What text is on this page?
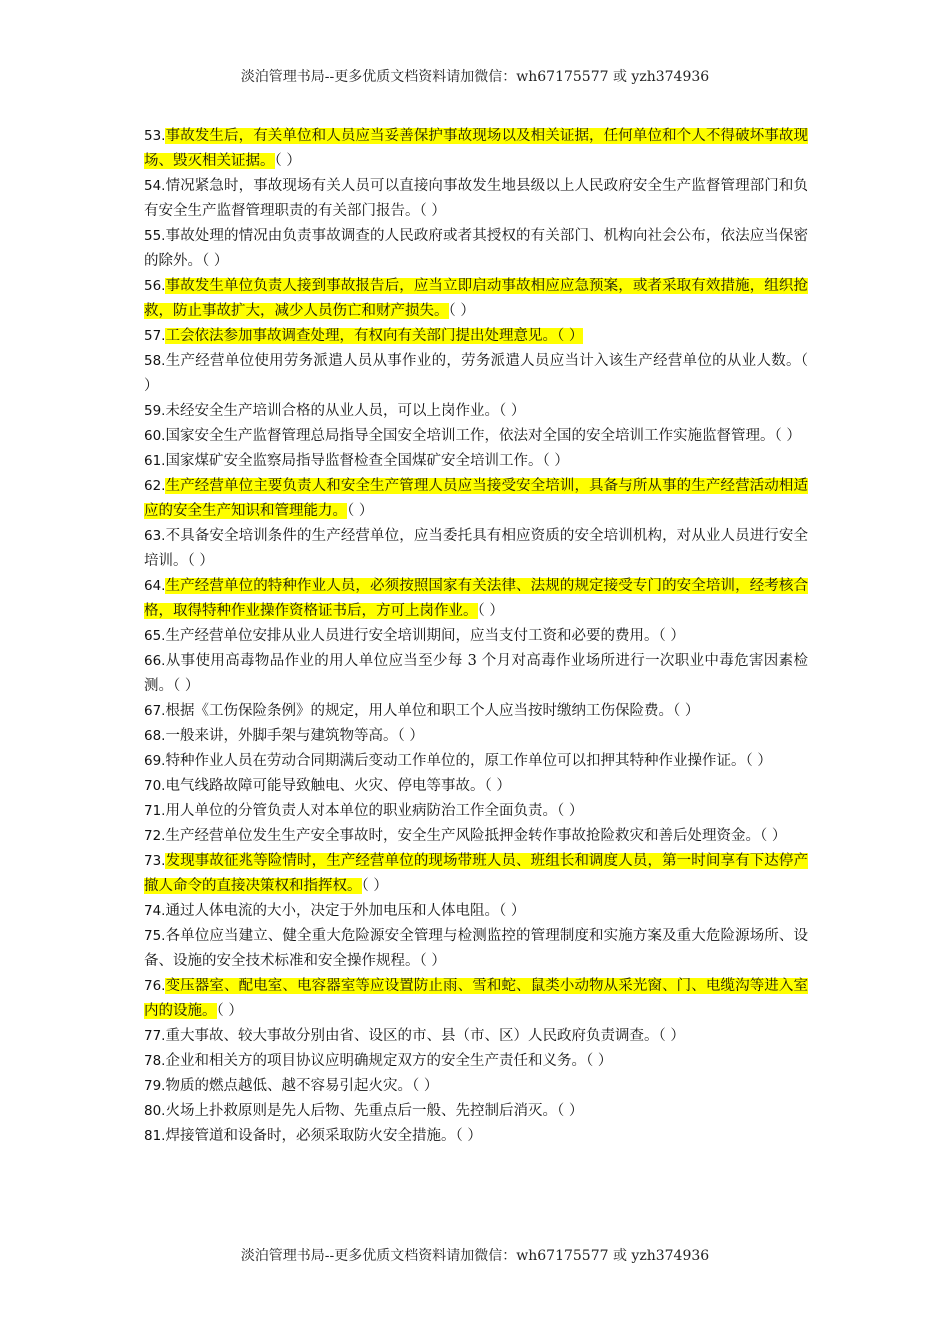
淡泊管理书局--更多优质文档资料请加微信：wh67175577 或 yzh374936

53.事故发生后，有关单位和人员应当妥善保护事故现场以及相关证据，任何单位和个人不得破坏事故现场、毁灭相关证据。（ ）

54.情况紧急时，事故现场有关人员可以直接向事故发生地县级以上人民政府安全生产监督管理部门和负有安全生产监督管理职责的有关部门报告。（ ）

55.事故处理的情况由负责事故调查的人民政府或者其授权的有关部门、机构向社会公布，依法应当保密的除外。（ ）

56.事故发生单位负责人接到事故报告后，应当立即启动事故相应应急预案，或者采取有效措施，组织抢救，防止事故扩大，减少人员伤亡和财产损失。（ ）

57.工会依法参加事故调查处理，有权向有关部门提出处理意见。（ ）

58.生产经营单位使用劳务派遣人员从事作业的，劳务派遣人员应当计入该生产经营单位的从业人数。（ ）

59.未经安全生产培训合格的从业人员，可以上岗作业。（ ）

60.国家安全生产监督管理总局指导全国安全培训工作，依法对全国的安全培训工作实施监督管理。（ ）

61.国家煤矿安全监察局指导监督检查全国煤矿安全培训工作。（ ）

62.生产经营单位主要负责人和安全生产管理人员应当接受安全培训，具备与所从事的生产经营活动相适应的安全生产知识和管理能力。（ ）

63.不具备安全培训条件的生产经营单位，应当委托具有相应资质的安全培训机构，对从业人员进行安全培训。（ ）

64.生产经营单位的特种作业人员，必须按照国家有关法律、法规的规定接受专门的安全培训，经考核合格，取得特种作业操作资格证书后，方可上岗作业。（ ）

65.生产经营单位安排从业人员进行安全培训期间，应当支付工资和必要的费用。（ ）

66.从事使用高毒物品作业的用人单位应当至少每 3 个月对高毒作业场所进行一次职业中毒危害因素检测。（ ）

67.根据《工伤保险条例》的规定，用人单位和职工个人应当按时缴纳工伤保险费。（ ）

68.一般来讲，外脚手架与建筑物等高。（ ）

69.特种作业人员在劳动合同期满后变动工作单位的，原工作单位可以扣押其特种作业操作证。（ ）

70.电气线路故障可能导致触电、火灾、停电等事故。（ ）

71.用人单位的分管负责人对本单位的职业病防治工作全面负责。（ ）

72.生产经营单位发生生产安全事故时，安全生产风险抵押金转作事故抢险救灾和善后处理资金。（ ）

73.发现事故征兆等险情时，生产经营单位的现场带班人员、班组长和调度人员，第一时间享有下达停产撤人命令的直接决策权和指挥权。（ ）

74.通过人体电流的大小，决定于外加电压和人体电阻。（ ）

75.各单位应当建立、健全重大危险源安全管理与检测监控的管理制度和实施方案及重大危险源场所、设备、设施的安全技术标准和安全操作规程。（ ）

76.变压器室、配电室、电容器室等应设置防止雨、雪和蛇、鼠类小动物从采光窗、门、电缆沟等进入室内的设施。（ ）

77.重大事故、较大事故分别由省、设区的市、县（市、区）人民政府负责调查。（ ）

78.企业和相关方的项目协议应明确规定双方的安全生产责任和义务。（ ）

79.物质的燃点越低、越不容易引起火灾。（ ）

80.火场上扑救原则是先人后物、先重点后一般、先控制后消灭。（ ）

81.焊接管道和设备时，必须采取防火安全措施。（ ）

淡泊管理书局--更多优质文档资料请加微信：wh67175577 或 yzh374936
